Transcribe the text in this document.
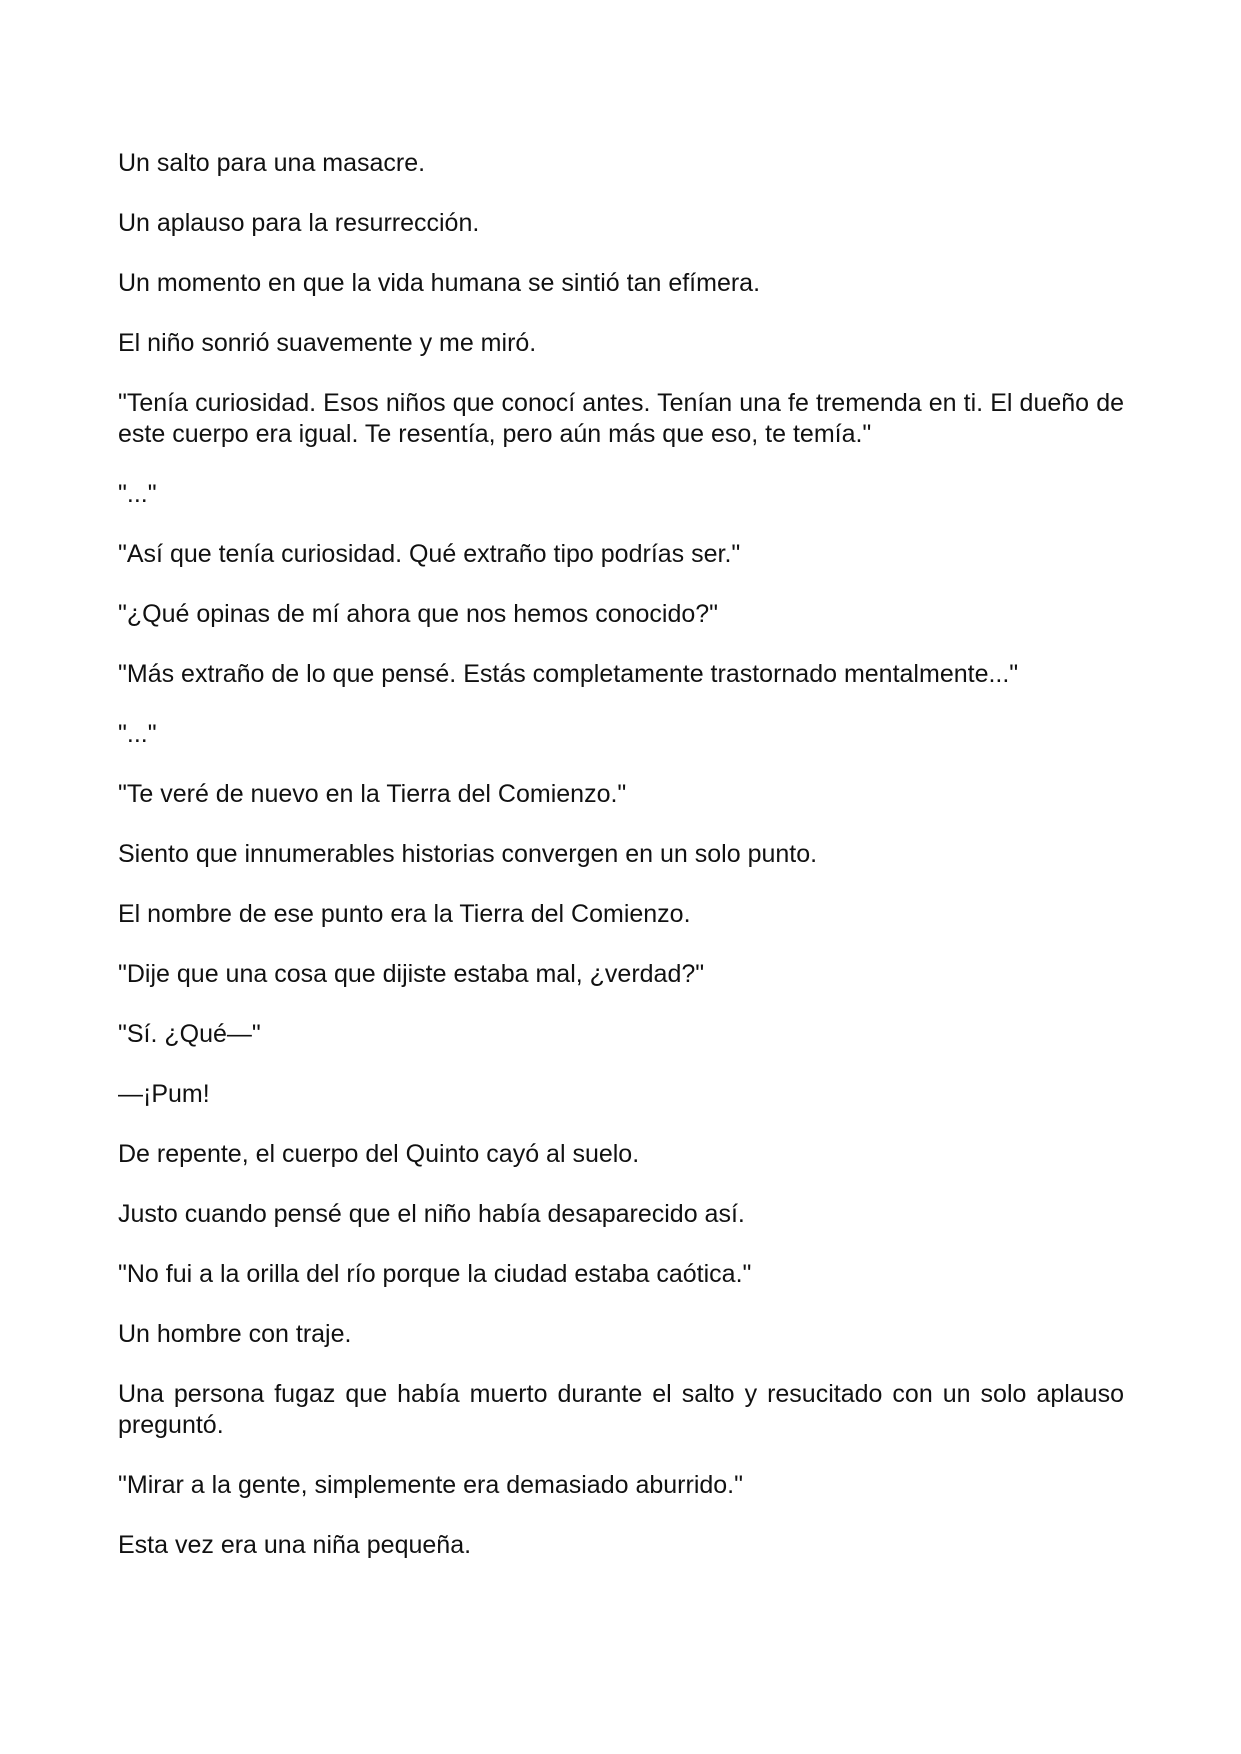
Un salto para una masacre.

Un aplauso para la resurrección.

Un momento en que la vida humana se sintió tan efímera.

El niño sonrió suavemente y me miró.

"Tenía curiosidad. Esos niños que conocí antes. Tenían una fe tremenda en ti. El dueño de este cuerpo era igual. Te resentía, pero aún más que eso, te temía."

"..."

"Así que tenía curiosidad. Qué extraño tipo podrías ser."

"¿Qué opinas de mí ahora que nos hemos conocido?"

"Más extraño de lo que pensé. Estás completamente trastornado mentalmente..."

"..."

"Te veré de nuevo en la Tierra del Comienzo."

Siento que innumerables historias convergen en un solo punto.

El nombre de ese punto era la Tierra del Comienzo.

"Dije que una cosa que dijiste estaba mal, ¿verdad?"

"Sí. ¿Qué—"

—¡Pum!

De repente, el cuerpo del Quinto cayó al suelo.

Justo cuando pensé que el niño había desaparecido así.

"No fui a la orilla del río porque la ciudad estaba caótica."

Un hombre con traje.

Una persona fugaz que había muerto durante el salto y resucitado con un solo aplauso preguntó.

"Mirar a la gente, simplemente era demasiado aburrido."

Esta vez era una niña pequeña.
